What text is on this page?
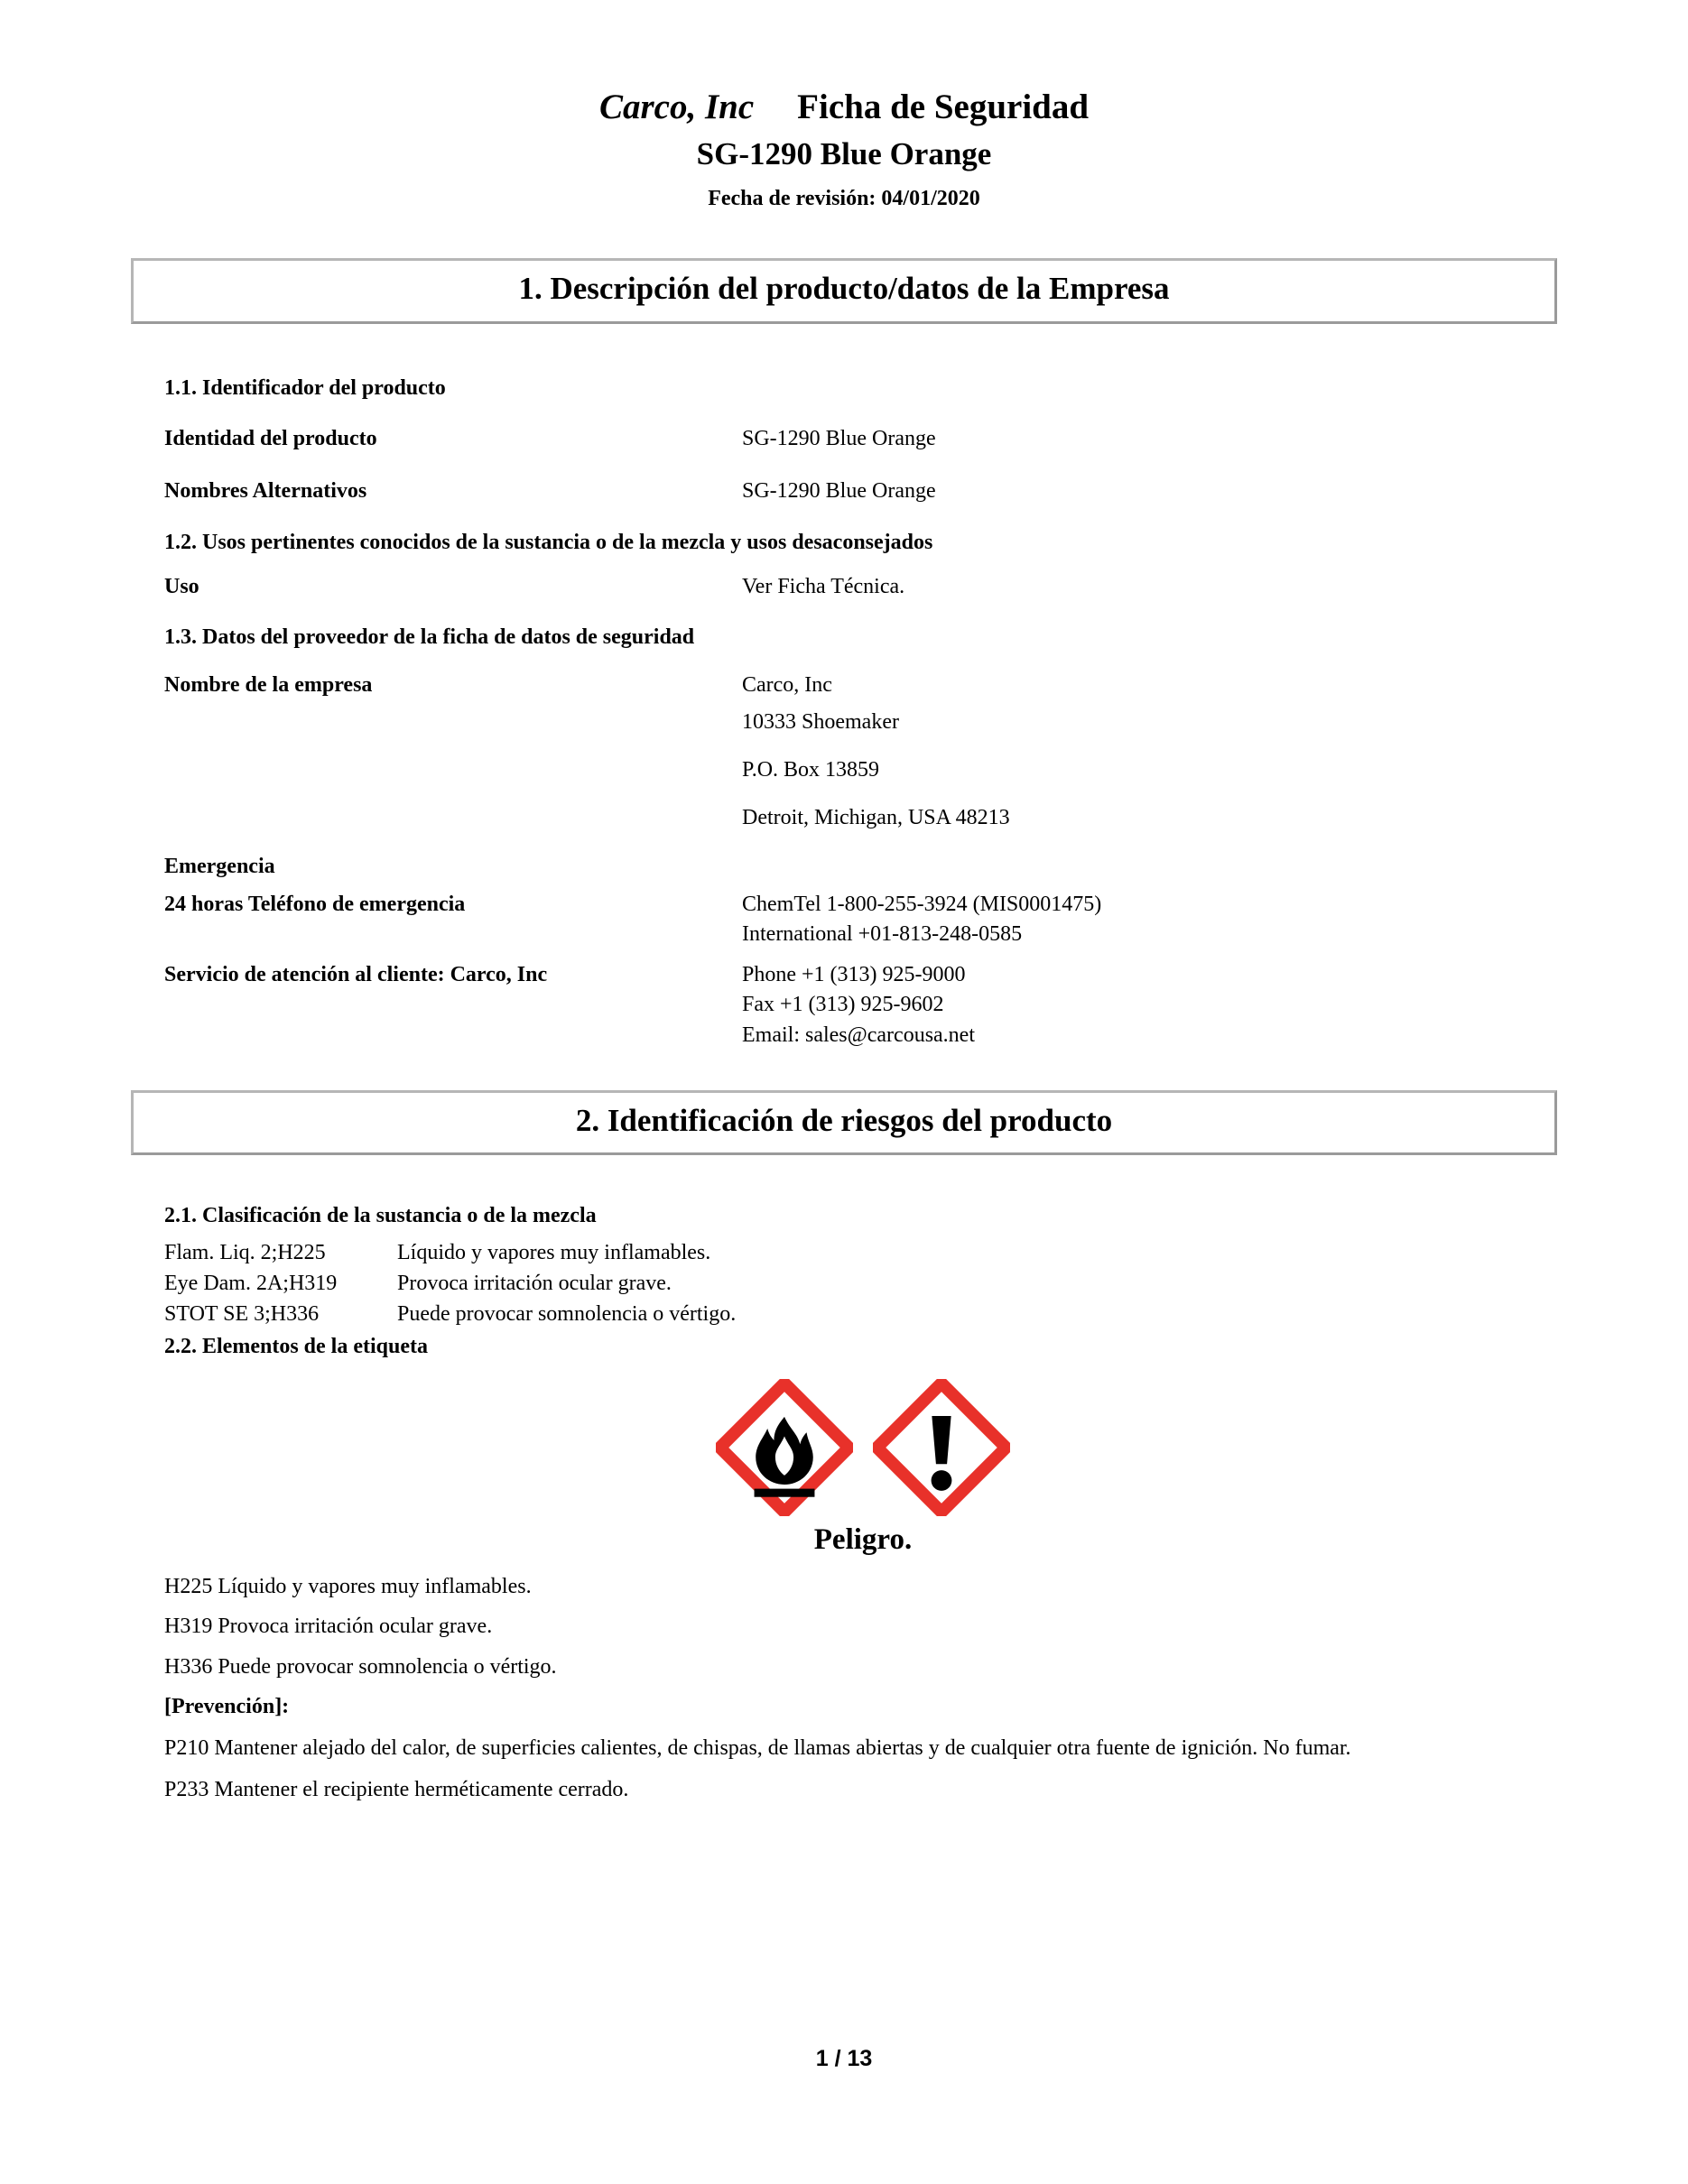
Carco, Inc Ficha de Seguridad
SG-1290 Blue Orange
Fecha de revisión: 04/01/2020
1. Descripción del producto/datos de la Empresa
1.1. Identificador del producto
Identidad del producto	SG-1290 Blue Orange
Nombres Alternativos	SG-1290 Blue Orange
1.2. Usos pertinentes conocidos de la sustancia o de la mezcla y usos desaconsejados
Uso	Ver Ficha Técnica.
1.3. Datos del proveedor de la ficha de datos de seguridad
Nombre de la empresa	Carco, Inc
10333 Shoemaker
P.O. Box 13859
Detroit, Michigan, USA 48213
Emergencia
24 horas Teléfono de emergencia	ChemTel 1-800-255-3924 (MIS0001475)
International +01-813-248-0585
Servicio de atención al cliente: Carco, Inc	Phone +1 (313) 925-9000
Fax +1 (313) 925-9602
Email: sales@carcousa.net
2. Identificación de riesgos del producto
2.1. Clasificación de la sustancia o de la mezcla
Flam. Liq. 2;H225	Líquido y vapores muy inflamables.
Eye Dam. 2A;H319	Provoca irritación ocular grave.
STOT SE 3;H336	Puede provocar somnolencia o vértigo.
2.2. Elementos de la etiqueta
Peligro.
H225 Líquido y vapores muy inflamables.
H319 Provoca irritación ocular grave.
H336 Puede provocar somnolencia o vértigo.
[Prevención]:
P210 Mantener alejado del calor, de superficies calientes, de chispas, de llamas abiertas y de cualquier otra fuente de ignición. No fumar.
P233 Mantener el recipiente herméticamente cerrado.
1 / 13
